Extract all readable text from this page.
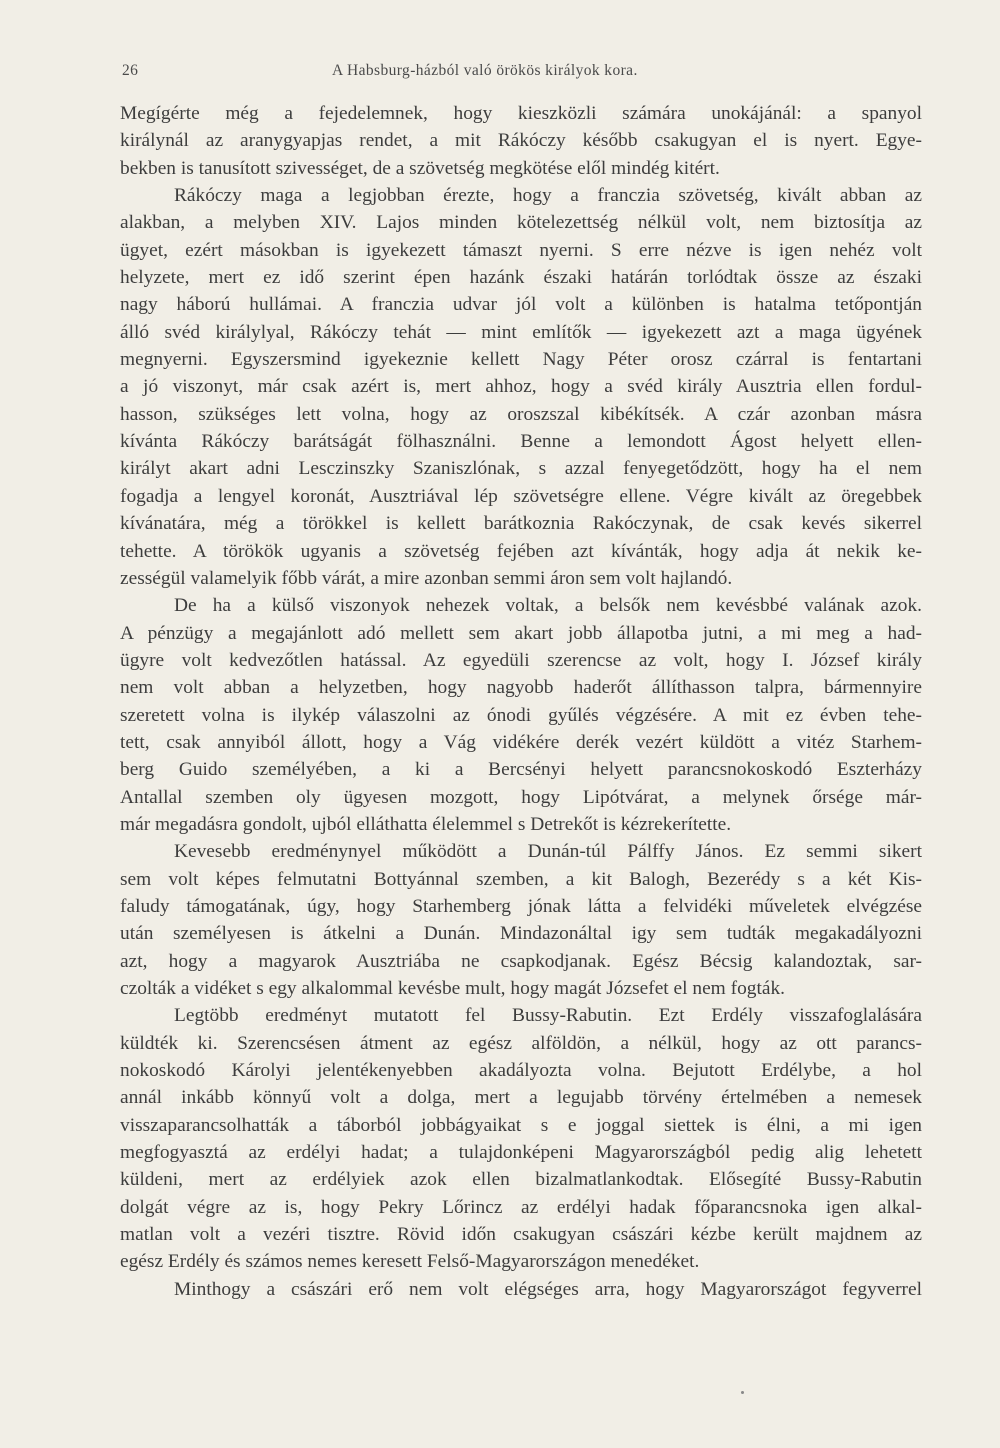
26	A Habsburg-házból való örökös királyok kora.
Megígérte még a fejedelemnek, hogy kieszközli számára unokájánál: a spanyol
királynál az aranygyapjas rendet, a mit Rákóczy később csakugyan el is nyert. Egye-
bekben is tanusított szivességet, de a szövetség megkötése elől mindég kitért.
Rákóczy maga a legjobban érezte, hogy a franczia szövetség, kivált abban az
alakban, a melyben XIV. Lajos minden kötelezettség nélkül volt, nem biztosítja az
ügyet, ezért másokban is igyekezett támaszt nyerni. S erre nézve is igen nehéz volt
helyzete, mert ez idő szerint épen hazánk északi határán torlódtak össze az északi
nagy háború hullámai. A franczia udvar jól volt a különben is hatalma tetőpontján
álló svéd királylyal, Rákóczy tehát — mint említők — igyekezett azt a maga ügyének
megnyerni. Egyszersmind igyekeznie kellett Nagy Péter orosz czárral is fentartani
a jó viszonyt, már csak azért is, mert ahhoz, hogy a svéd király Ausztria ellen fordul-
hasson, szükséges lett volna, hogy az oroszszal kibékítsék. A czár azonban másra
kívánta Rákóczy barátságát fölhasználni. Benne a lemondott Ágost helyett ellen-
királyt akart adni Lesczinszky Szaniszlónak, s azzal fenyegetődzött, hogy ha el nem
fogadja a lengyel koronát, Ausztriával lép szövetségre ellene. Végre kivált az öregebbek
kívánatára, még a törökkel is kellett barátkoznia Rakóczynak, de csak kevés sikerrel
tehette. A törökök ugyanis a szövetség fejében azt kívánták, hogy adja át nekik ke-
zességül valamelyik főbb várát, a mire azonban semmi áron sem volt hajlandó.
De ha a külső viszonyok nehezek voltak, a belsők nem kevésbbé valának azok.
A pénzügy a megajánlott adó mellett sem akart jobb állapotba jutni, a mi meg a had-
ügyre volt kedvezőtlen hatással. Az egyedüli szerencse az volt, hogy I. József király
nem volt abban a helyzetben, hogy nagyobb haderőt állíthasson talpra, bármennyire
szeretett volna is ilykép válaszolni az ónodi gyűlés végzésére. A mit ez évben tehe-
tett, csak annyiból állott, hogy a Vág vidékére derék vezért küldött a vitéz Starhem-
berg Guido személyében, a ki a Bercsényi helyett parancsnokoskodó Eszterházy
Antallal szemben oly ügyesen mozgott, hogy Lipótvárat, a melynek őrsége már-
már megadásra gondolt, ujból elláthatta élelemmel s Detrekőt is kézrekerítette.
Kevesebb eredménynyel működött a Dunán-túl Pálffy János. Ez semmi sikert
sem volt képes felmutatni Bottyánnal szemben, a kit Balogh, Bezerédy s a két Kis-
faludy támogatának, úgy, hogy Starhemberg jónak látta a felvidéki műveletek elvégzése
után személyesen is átkelni a Dunán. Mindazonáltal igy sem tudták megakadályozni
azt, hogy a magyarok Ausztriába ne csapkodjanak. Egész Bécsig kalandoztak, sar-
czolták a vidéket s egy alkalommal kevésbe mult, hogy magát Józsefet el nem fogták.
Legtöbb eredményt mutatott fel Bussy-Rabutin. Ezt Erdély visszafoglalására
küldték ki. Szerencsésen átment az egész alföldön, a nélkül, hogy az ott parancs-
nokoskodó Károlyi jelentékenyebben akadályozta volna. Bejutott Erdélybe, a hol
annál inkább könnyű volt a dolga, mert a legujabb törvény értelmében a nemesek
visszaparancsolhatták a táborból jobbágyaikat s e joggal siettek is élni, a mi igen
megfogyasztá az erdélyi hadat; a tulajdonképeni Magyarországból pedig alig lehetett
küldeni, mert az erdélyiek azok ellen bizalmatlankodtak. Elősegíté Bussy-Rabutin
dolgát végre az is, hogy Pekry Lőrincz az erdélyi hadak főparancsnoka igen alkal-
matlan volt a vezéri tisztre. Rövid időn csakugyan császári kézbe került majdnem az
egész Erdély és számos nemes keresett Felső-Magyarországon menedéket.
Minthogy a császári erő nem volt elégséges arra, hogy Magyarországot fegyverrel
